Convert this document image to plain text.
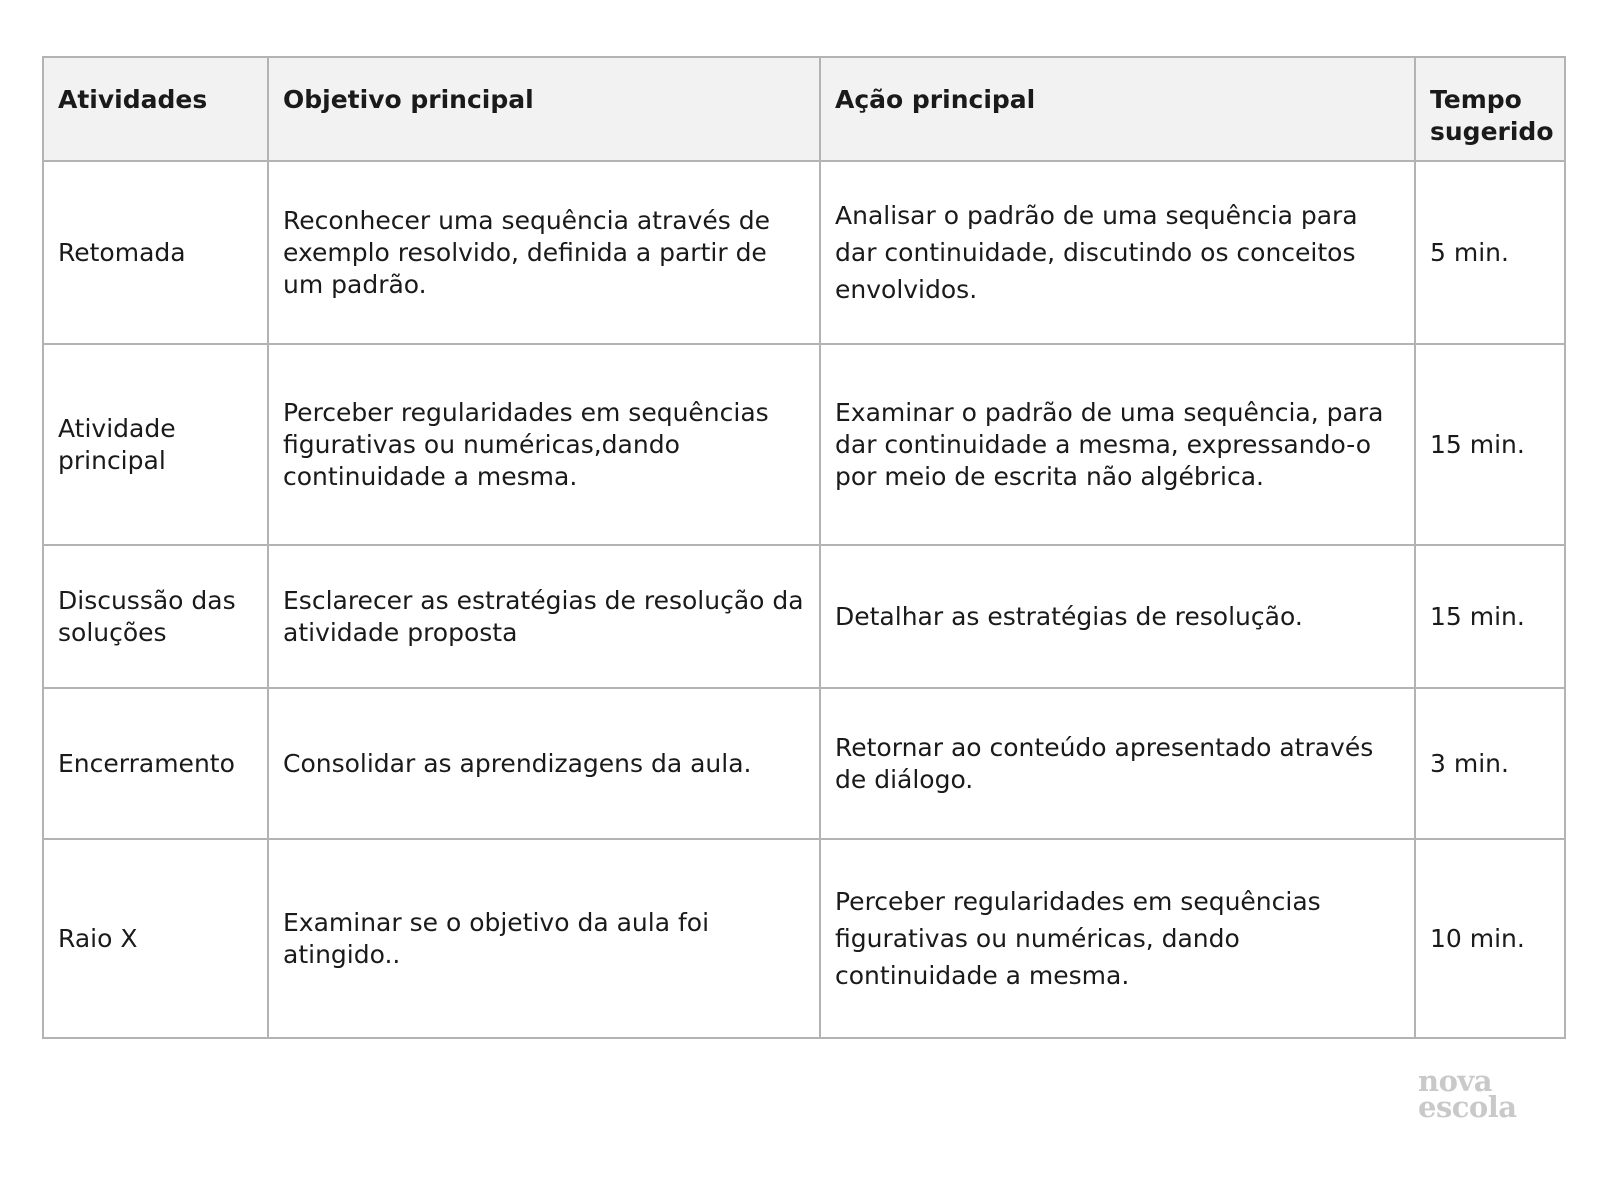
Atividades	Objetivo principal	Ação principal	Tempo sugerido
Retomada	Reconhecer uma sequência através de exemplo resolvido, definida a partir de um padrão.	Analisar o padrão de uma sequência para dar continuidade, discutindo os conceitos envolvidos.	5 min.
Atividade principal	Perceber regularidades em sequências figurativas ou numéricas,dando continuidade a mesma.	Examinar o padrão de uma sequência, para dar continuidade a mesma, expressando-o por meio de escrita não algébrica.	15 min.
Discussão das soluções	Esclarecer as estratégias de resolução da atividade proposta	Detalhar as estratégias de resolução.	15 min.
Encerramento	Consolidar as aprendizagens da aula.	Retornar ao conteúdo apresentado através de diálogo.	3 min.
Raio X	Examinar se o objetivo da aula foi atingido..	Perceber regularidades em sequências figurativas ou numéricas, dando continuidade a mesma.	10 min.
nova
escola
